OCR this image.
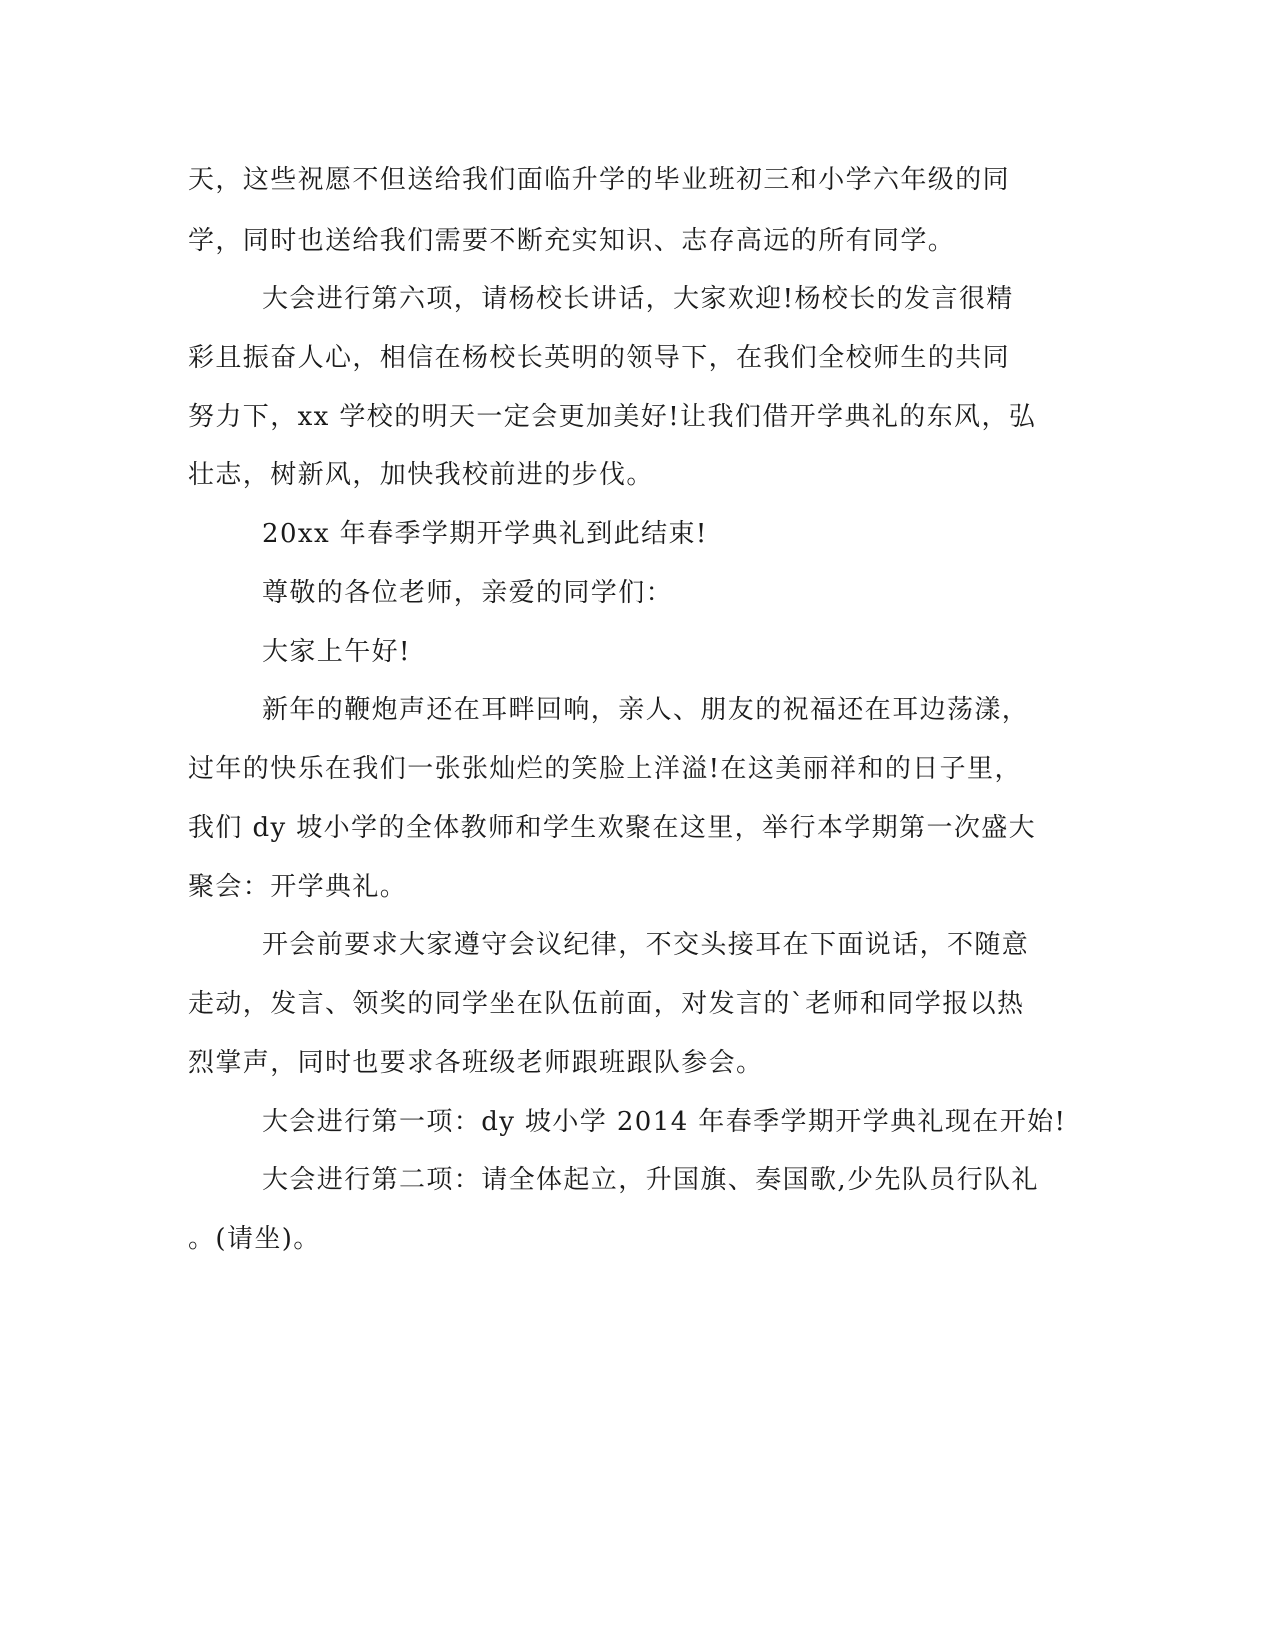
天，这些祝愿不但送给我们面临升学的毕业班初三和小学六年级的同
学，同时也送给我们需要不断充实知识、志存高远的所有同学。
大会进行第六项，请杨校长讲话，大家欢迎!杨校长的发言很精
彩且振奋人心，相信在杨校长英明的领导下，在我们全校师生的共同
努力下，xx 学校的明天一定会更加美好!让我们借开学典礼的东风，弘
壮志，树新风，加快我校前进的步伐。
20xx 年春季学期开学典礼到此结束!
尊敬的各位老师，亲爱的同学们：
大家上午好!
新年的鞭炮声还在耳畔回响，亲人、朋友的祝福还在耳边荡漾，
过年的快乐在我们一张张灿烂的笑脸上洋溢!在这美丽祥和的日子里，
我们 dy 坡小学的全体教师和学生欢聚在这里，举行本学期第一次盛大
聚会：开学典礼。
开会前要求大家遵守会议纪律，不交头接耳在下面说话，不随意
走动，发言、领奖的同学坐在队伍前面，对发言的`老师和同学报以热
烈掌声，同时也要求各班级老师跟班跟队参会。
大会进行第一项：dy 坡小学 2014 年春季学期开学典礼现在开始!
大会进行第二项：请全体起立，升国旗、奏国歌,少先队员行队礼
。(请坐)。
